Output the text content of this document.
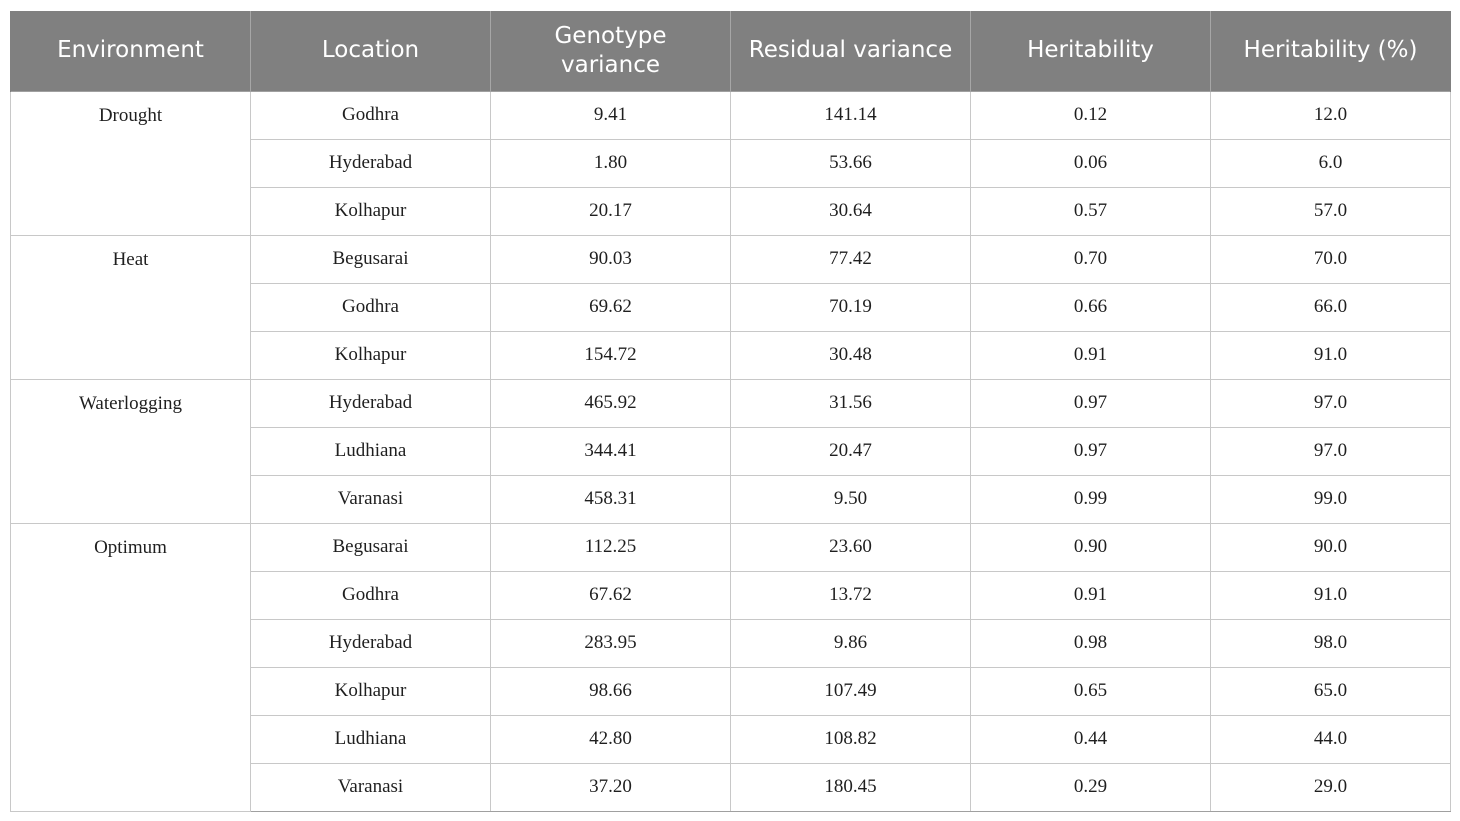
Environment	Location	Genotype variance	Residual variance	Heritability	Heritability (%)
Drought	Godhra	9.41	141.14	0.12	12.0
	Hyderabad	1.80	53.66	0.06	6.0
	Kolhapur	20.17	30.64	0.57	57.0
Heat	Begusarai	90.03	77.42	0.70	70.0
	Godhra	69.62	70.19	0.66	66.0
	Kolhapur	154.72	30.48	0.91	91.0
Waterlogging	Hyderabad	465.92	31.56	0.97	97.0
	Ludhiana	344.41	20.47	0.97	97.0
	Varanasi	458.31	9.50	0.99	99.0
Optimum	Begusarai	112.25	23.60	0.90	90.0
	Godhra	67.62	13.72	0.91	91.0
	Hyderabad	283.95	9.86	0.98	98.0
	Kolhapur	98.66	107.49	0.65	65.0
	Ludhiana	42.80	108.82	0.44	44.0
	Varanasi	37.20	180.45	0.29	29.0
